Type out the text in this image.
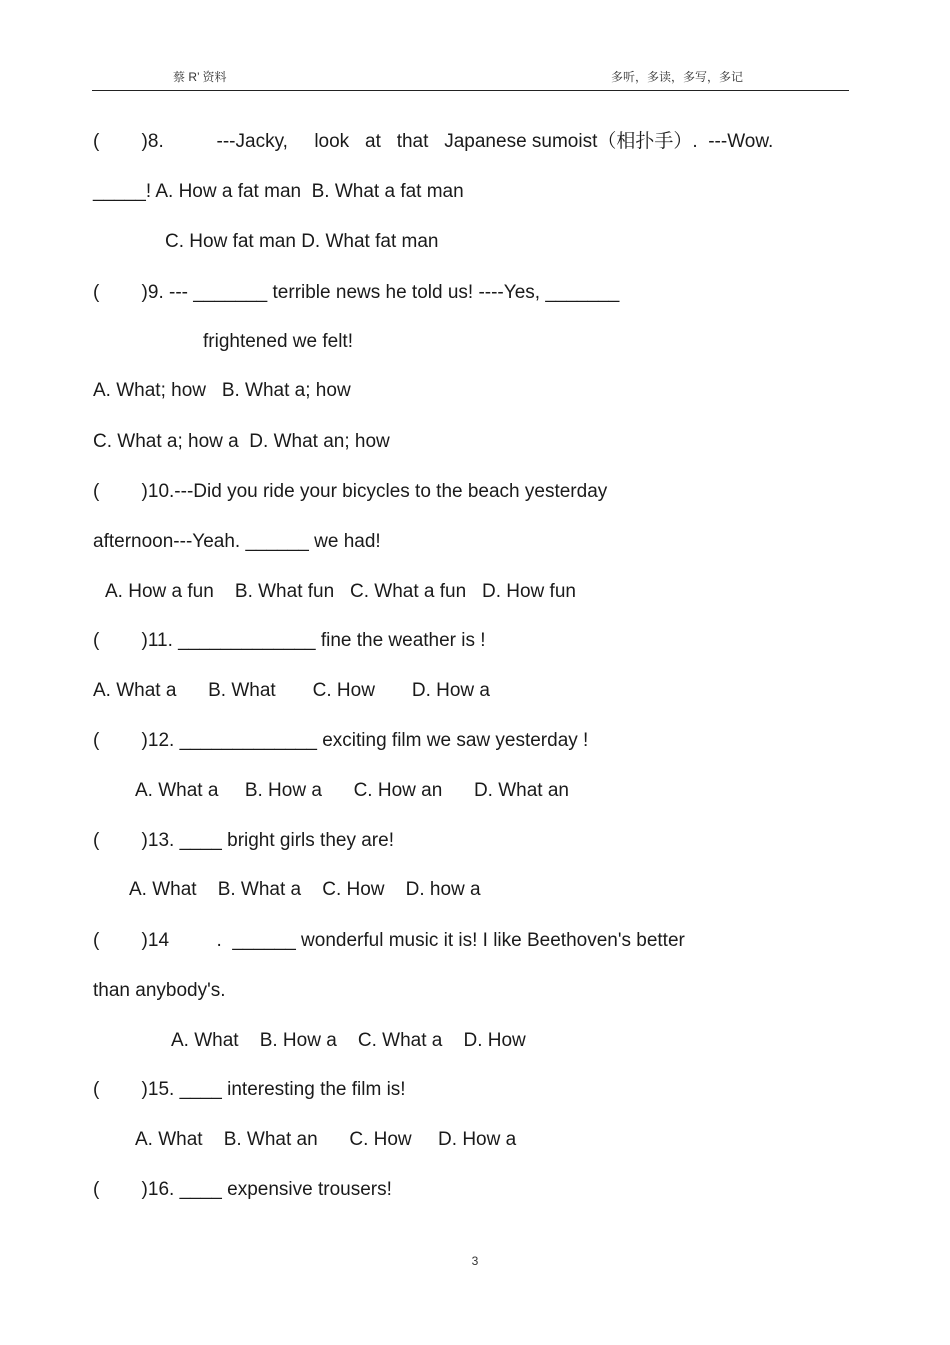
蔡 R’ 资料	多听，多读，多写，多记
(        )8.          ---Jacky,     look   at   that   Japanese sumoist（相扑手）.  ---Wow.
_____! A. How a fat man  B. What a fat man
C. How fat man D. What fat man
(        )9. --- _______ terrible news he told us! ----Yes, _______
frightened we felt!
A. What; how   B. What a; how
C. What a; how a  D. What an; how
(        )10.---Did you ride your bicycles to the beach yesterday
afternoon---Yeah. ______ we had!
A. How a fun    B. What fun   C. What a fun   D. How fun
(        )11. _____________ fine the weather is !
A. What a      B. What       C. How       D. How a
(        )12. _____________ exciting film we saw yesterday !
A. What a     B. How a      C. How an      D. What an
(        )13. ____ bright girls they are!
A. What    B. What a    C. How    D. how a
(        )14         .  ______ wonderful music it is! I like Beethoven's better
than anybody's.
A. What    B. How a    C. What a    D. How
(        )15. ____ interesting the film is!
A. What    B. What an      C. How     D. How a
(        )16. ____ expensive trousers!
3
